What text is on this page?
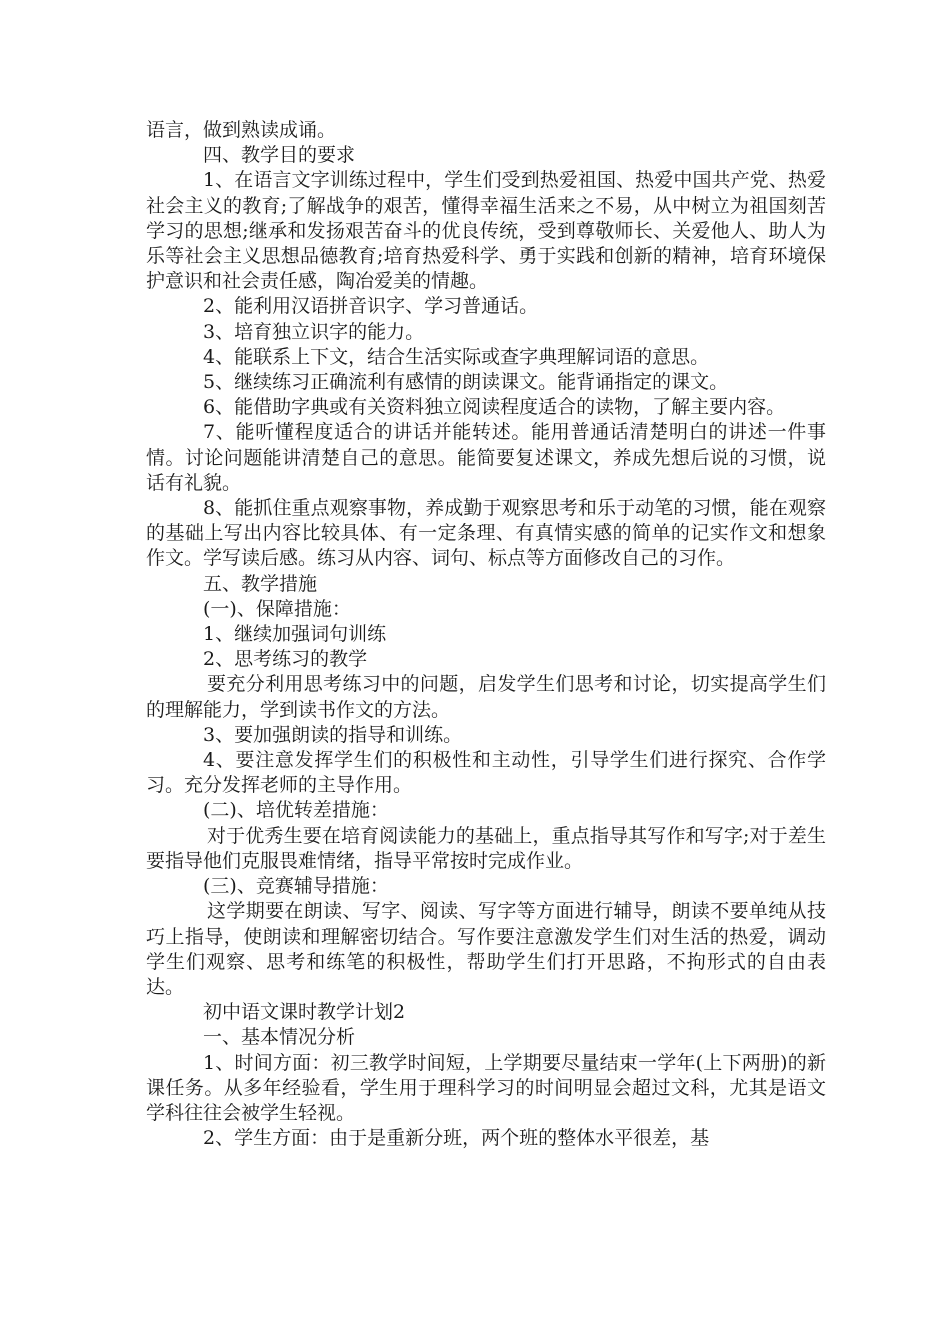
语言，做到熟读成诵。

四、教学目的要求

1、在语言文字训练过程中，学生们受到热爱祖国、热爱中国共产党、热爱社会主义的教育;了解战争的艰苦，懂得幸福生活来之不易，从中树立为祖国刻苦学习的思想;继承和发扬艰苦奋斗的优良传统，受到尊敬师长、关爱他人、助人为乐等社会主义思想品德教育;培育热爱科学、勇于实践和创新的精神，培育环境保护意识和社会责任感，陶冶爱美的情趣。

2、能利用汉语拼音识字、学习普通话。

3、培育独立识字的能力。

4、能联系上下文，结合生活实际或查字典理解词语的意思。

5、继续练习正确流利有感情的朗读课文。能背诵指定的课文。

6、能借助字典或有关资料独立阅读程度适合的读物，了解主要内容。

7、能听懂程度适合的讲话并能转述。能用普通话清楚明白的讲述一件事情。讨论问题能讲清楚自己的意思。能简要复述课文，养成先想后说的习惯，说话有礼貌。

8、能抓住重点观察事物，养成勤于观察思考和乐于动笔的习惯，能在观察的基础上写出内容比较具体、有一定条理、有真情实感的简单的记实作文和想象作文。学写读后感。练习从内容、词句、标点等方面修改自己的习作。

五、教学措施

(一)、保障措施：

1、继续加强词句训练

2、思考练习的教学

要充分利用思考练习中的问题，启发学生们思考和讨论，切实提高学生们的理解能力，学到读书作文的方法。

3、要加强朗读的指导和训练。

4、要注意发挥学生们的积极性和主动性，引导学生们进行探究、合作学习。充分发挥老师的主导作用。

(二)、培优转差措施：

对于优秀生要在培育阅读能力的基础上，重点指导其写作和写字;对于差生要指导他们克服畏难情绪，指导平常按时完成作业。

(三)、竞赛辅导措施：

这学期要在朗读、写字、阅读、写字等方面进行辅导，朗读不要单纯从技巧上指导，使朗读和理解密切结合。写作要注意激发学生们对生活的热爱，调动学生们观察、思考和练笔的积极性，帮助学生们打开思路，不拘形式的自由表达。

初中语文课时教学计划2

一、基本情况分析

1、时间方面：初三教学时间短，上学期要尽量结束一学年(上下两册)的新课任务。从多年经验看，学生用于理科学习的时间明显会超过文科，尤其是语文学科往往会被学生轻视。

2、学生方面：由于是重新分班，两个班的整体水平很差，基
